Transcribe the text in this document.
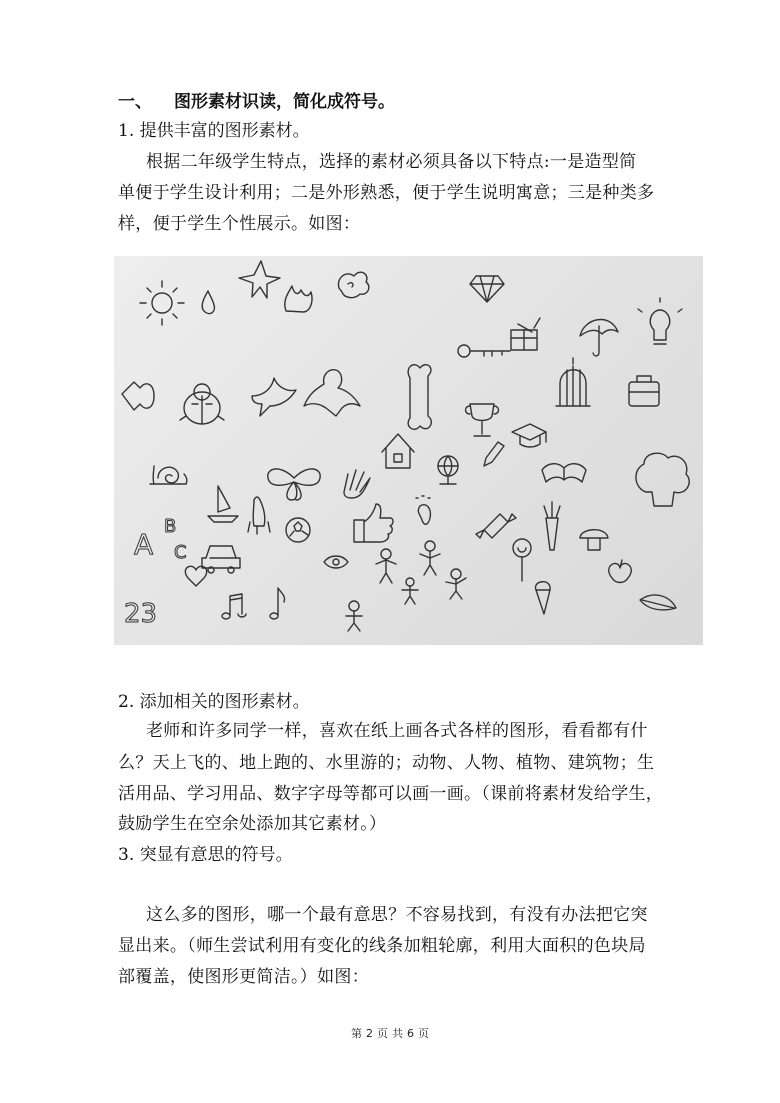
一、 图形素材识读，简化成符号。
1. 提供丰富的图形素材。
根据二年级学生特点，选择的素材必须具备以下特点:一是造型简
单便于学生设计利用；二是外形熟悉，便于学生说明寓意；三是种类多
样，便于学生个性展示。如图：
A
B
C
23
2. 添加相关的图形素材。
老师和许多同学一样，喜欢在纸上画各式各样的图形，看看都有什
么？天上飞的、地上跑的、水里游的；动物、人物、植物、建筑物；生
活用品、学习用品、数字字母等都可以画一画。（课前将素材发给学生，
鼓励学生在空余处添加其它素材。）
3. 突显有意思的符号。
这么多的图形，哪一个最有意思？不容易找到，有没有办法把它突
显出来。（师生尝试利用有变化的线条加粗轮廓，利用大面积的色块局
部覆盖，使图形更简洁。）如图：
第 2 页 共 6 页
